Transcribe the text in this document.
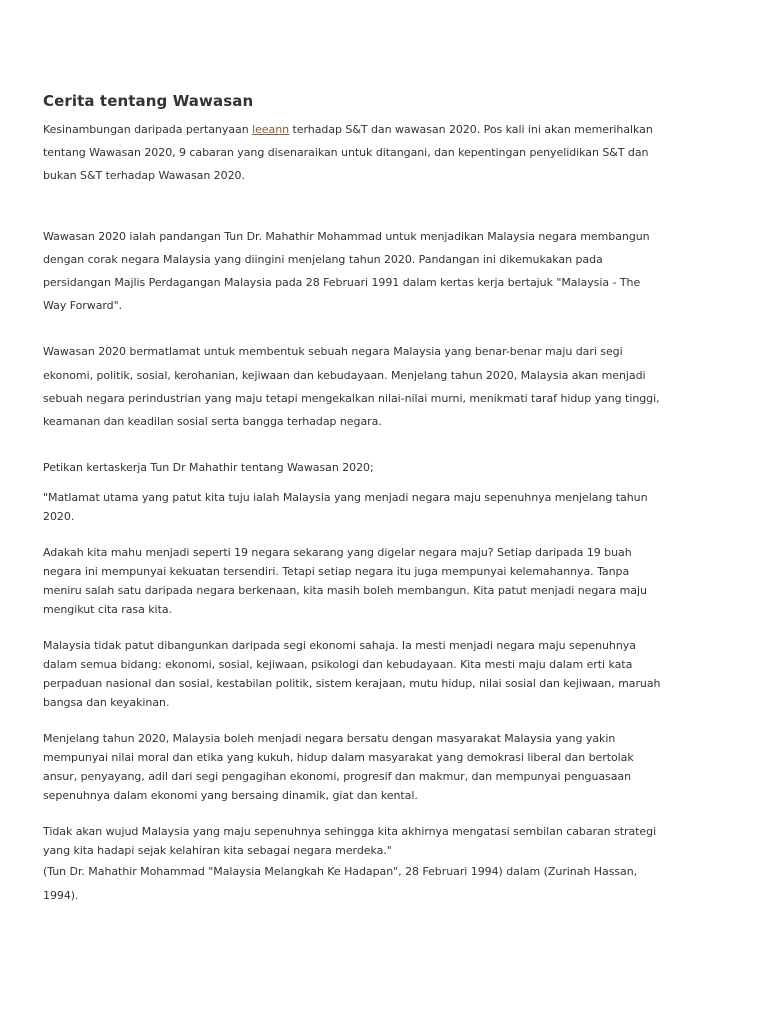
Cerita tentang Wawasan

Kesinambungan daripada pertanyaan leeann terhadap S&T dan wawasan 2020. Pos kali ini akan memerihalkan tentang Wawasan 2020, 9 cabaran yang disenaraikan untuk ditangani, dan kepentingan penyelidikan S&T dan bukan S&T terhadap Wawasan 2020.

Wawasan 2020 ialah pandangan Tun Dr. Mahathir Mohammad untuk menjadikan Malaysia negara membangun dengan corak negara Malaysia yang diingini menjelang tahun 2020. Pandangan ini dikemukakan pada persidangan Majlis Perdagangan Malaysia pada 28 Februari 1991 dalam kertas kerja bertajuk "Malaysia - The Way Forward".

Wawasan 2020 bermatlamat untuk membentuk sebuah negara Malaysia yang benar-benar maju dari segi ekonomi, politik, sosial, kerohanian, kejiwaan dan kebudayaan. Menjelang tahun 2020, Malaysia akan menjadi sebuah negara perindustrian yang maju tetapi mengekalkan nilai-nilai murni, menikmati taraf hidup yang tinggi, keamanan dan keadilan sosial serta bangga terhadap negara.

Petikan kertaskerja Tun Dr Mahathir tentang Wawasan 2020;

"Matlamat utama yang patut kita tuju ialah Malaysia yang menjadi negara maju sepenuhnya menjelang tahun 2020.

Adakah kita mahu menjadi seperti 19 negara sekarang yang digelar negara maju? Setiap daripada 19 buah negara ini mempunyai kekuatan tersendiri. Tetapi setiap negara itu juga mempunyai kelemahannya. Tanpa meniru salah satu daripada negara berkenaan, kita masih boleh membangun. Kita patut menjadi negara maju mengikut cita rasa kita.

Malaysia tidak patut dibangunkan daripada segi ekonomi sahaja. Ia mesti menjadi negara maju sepenuhnya dalam semua bidang: ekonomi, sosial, kejiwaan, psikologi dan kebudayaan. Kita mesti maju dalam erti kata perpaduan nasional dan sosial, kestabilan politik, sistem kerajaan, mutu hidup, nilai sosial dan kejiwaan, maruah bangsa dan keyakinan.

Menjelang tahun 2020, Malaysia boleh menjadi negara bersatu dengan masyarakat Malaysia yang yakin mempunyai nilai moral dan etika yang kukuh, hidup dalam masyarakat yang demokrasi liberal dan bertolak ansur, penyayang, adil dari segi pengagihan ekonomi, progresif dan makmur, dan mempunyai penguasaan sepenuhnya dalam ekonomi yang bersaing dinamik, giat dan kental.

Tidak akan wujud Malaysia yang maju sepenuhnya sehingga kita akhirnya mengatasi sembilan cabaran strategi yang kita hadapi sejak kelahiran kita sebagai negara merdeka."

(Tun Dr. Mahathir Mohammad "Malaysia Melangkah Ke Hadapan", 28 Februari 1994) dalam (Zurinah Hassan, 1994).
